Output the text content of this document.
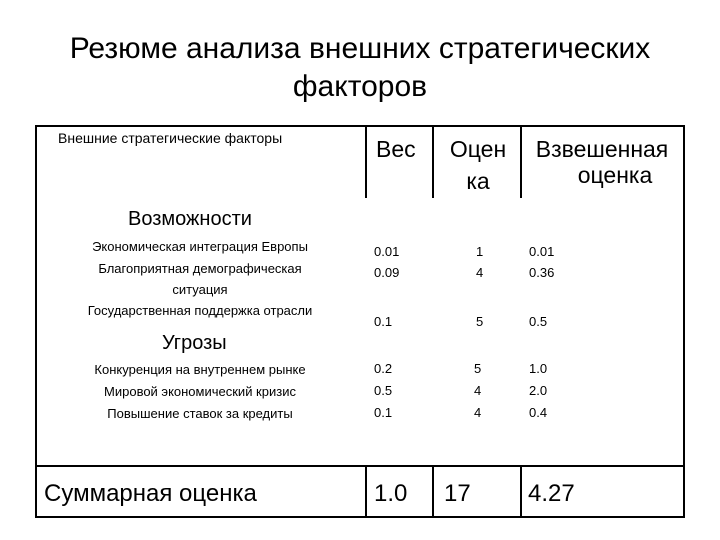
Резюме анализа внешних стратегических
факторов
Внешние стратегические факторы	Вес Оцен
ка
Взвешенная
оценка
Возможности
Экономическая интеграция Европы
Благоприятная демографическая
ситуация
Государственная поддержка отрасли
0.01
0.09
0.1
1
4
5
0.01
0.36
0.5
Угрозы
Конкуренция на внутреннем рынке
Мировой экономический кризис
Повышение ставок за кредиты
0.2
0.5
0.1
5
4
4
1.0
2.0
0.4
Суммарная оценка	1.0 17 4.27
